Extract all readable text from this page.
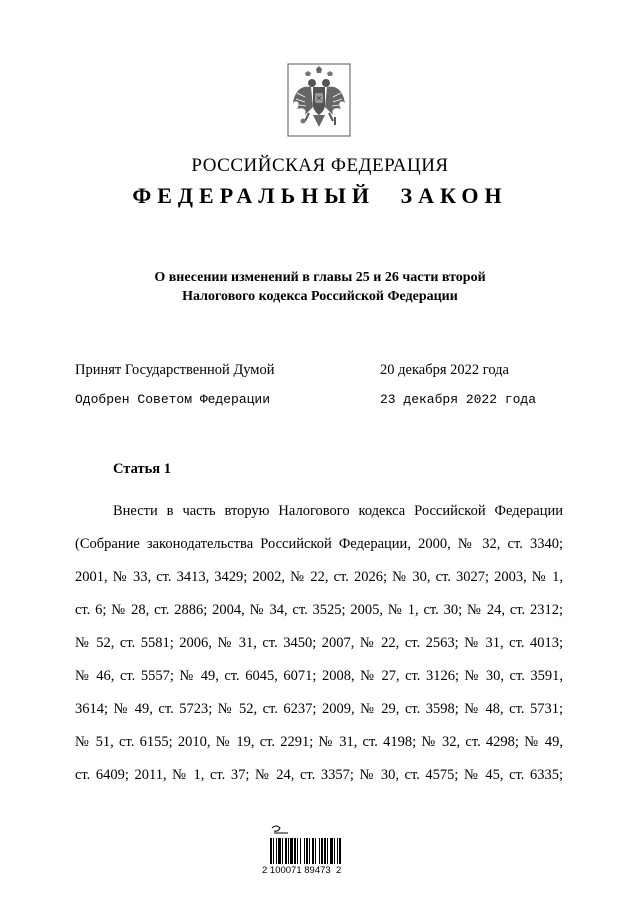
РОССИЙСКАЯ ФЕДЕРАЦИЯ
ФЕДЕРАЛЬНЫЙ ЗАКОН
О внесении изменений в главы 25 и 26 части второй
Налогового кодекса Российской Федерации
Принят Государственной Думой	20 декабря 2022 года
Одобрен Советом Федерации	23 декабря 2022 года
Статья 1
Внести в часть вторую Налогового кодекса Российской Федерации
(Собрание законодательства Российской Федерации, 2000, № 32, ст. 3340;
2001, № 33, ст. 3413, 3429; 2002, № 22, ст. 2026; № 30, ст. 3027; 2003, № 1,
ст. 6; № 28, ст. 2886; 2004, № 34, ст. 3525; 2005, № 1, ст. 30; № 24, ст. 2312;
№ 52, ст. 5581; 2006, № 31, ст. 3450; 2007, № 22, ст. 2563; № 31, ст. 4013;
№ 46, ст. 5557; № 49, ст. 6045, 6071; 2008, № 27, ст. 3126; № 30, ст. 3591,
3614; № 49, ст. 5723; № 52, ст. 6237; 2009, № 29, ст. 3598; № 48, ст. 5731;
№ 51, ст. 6155; 2010, № 19, ст. 2291; № 31, ст. 4198; № 32, ст. 4298; № 49,
ст. 6409; 2011, № 1, ст. 37; № 24, ст. 3357; № 30, ст. 4575; № 45, ст. 6335;
2 100071 89473  2
